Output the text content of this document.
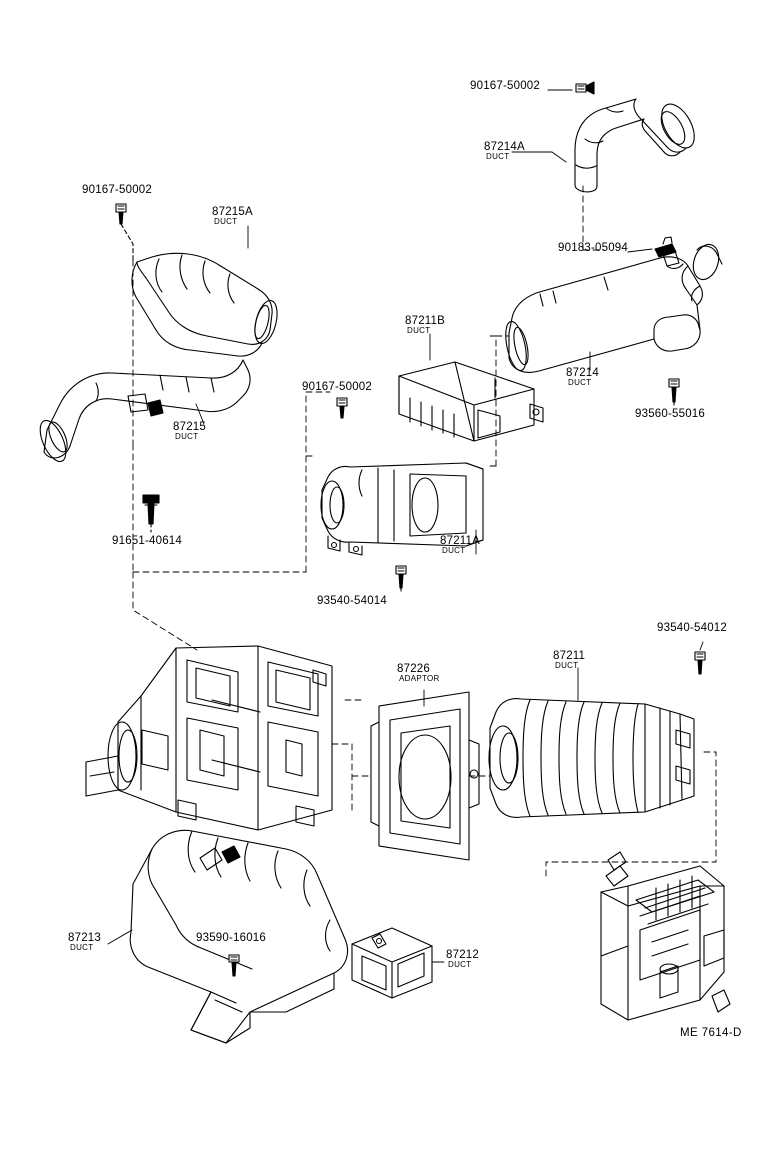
90167-50002
87214A
DUCT
90167-50002
87215A
DUCT
90183-05094
87211B
DUCT
87214
DUCT
90167-50002
93560-55016
87215
DUCT
91651-40614	87211A
DUCT
93540-54014
93540-54012
87226
ADAPTOR
87211
DUCT
87213
DUCT
93590-16016
87212
DUCT
ME 7614-D
